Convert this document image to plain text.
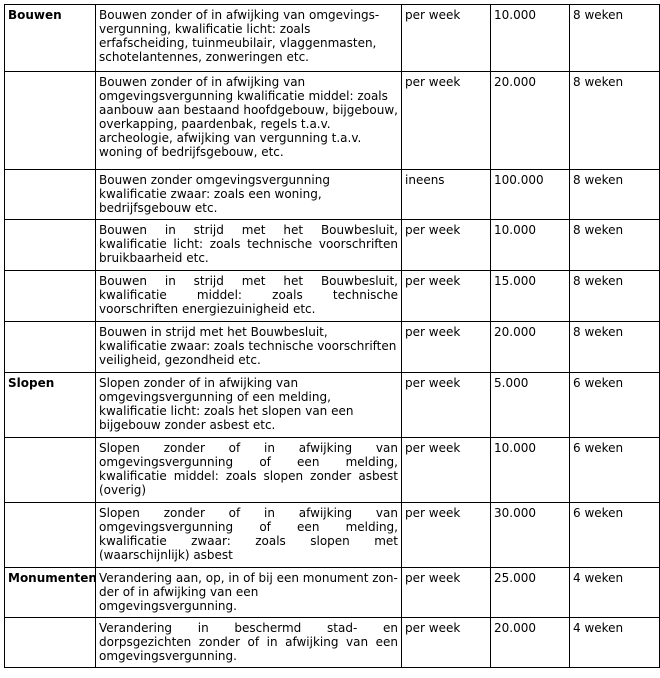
Bouwen	Bouwen zonder of in afwijking van omgevings-vergunning, kwalificatie licht: zoals erfafscheiding, tuinmeubilair, vlaggenmasten, schotelantennes, zonweringen etc.	per week	10.000	8 weken
	Bouwen zonder of in afwijking van omgevingsvergunning kwalificatie middel: zoals aanbouw aan bestaand hoofdgebouw, bijgebouw, overkapping, paardenbak, regels t.a.v. archeologie, afwijking van vergunning t.a.v. woning of bedrijfsgebouw, etc.	per week	20.000	8 weken
	Bouwen zonder omgevingsvergunning kwalificatie zwaar: zoals een woning, bedrijfsgebouw etc.	ineens	100.000	8 weken
	Bouwen in strijd met het Bouwbesluit, kwalificatie licht: zoals technische voorschriften bruikbaarheid etc.	per week	10.000	8 weken
	Bouwen in strijd met het Bouwbesluit, kwalificatie middel: zoals technische voorschriften energiezuinigheid etc.	per week	15.000	8 weken
	Bouwen in strijd met het Bouwbesluit, kwalificatie zwaar: zoals technische voorschriften veiligheid, gezondheid etc.	per week	20.000	8 weken
Slopen	Slopen zonder of in afwijking van omgevingsvergunning of een melding, kwalificatie licht: zoals het slopen van een bijgebouw zonder asbest etc.	per week	5.000	6 weken
	Slopen zonder of in afwijking van omgevingsvergunning of een melding, kwalificatie middel: zoals slopen zonder asbest (overig)	per week	10.000	6 weken
	Slopen zonder of in afwijking van omgevingsvergunning of een melding, kwalificatie zwaar: zoals slopen met (waarschijnlijk) asbest	per week	30.000	6 weken
Monumenten	Verandering aan, op, in of bij een monument zon- der of in afwijking van een omgevingsvergunning.	per week	25.000	4 weken
	Verandering in beschermd stad- en dorpsgezichten zonder of in afwijking van een omgevingsvergunning.	per week	20.000	4 weken
